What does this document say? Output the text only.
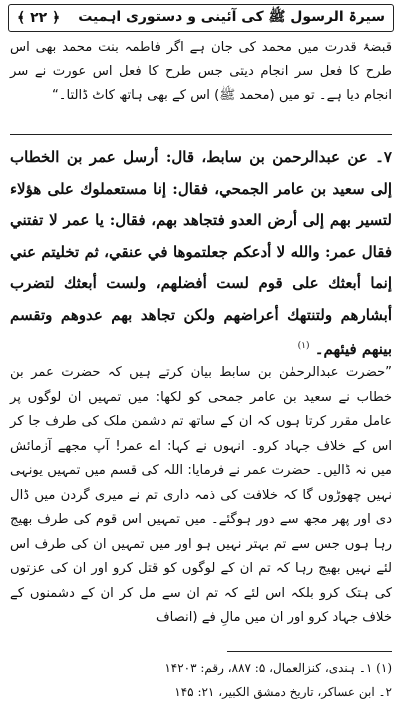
سیرۃ الرسول ﷺ کی آئینی و دستوری اہمیت
﴿ ۲۲ ﴾
قبضۂ قدرت میں محمد کی جان ہے اگر فاطمہ بنت محمد بھی اس طرح کا فعل سر انجام دیتی جس طرح کا فعل اس عورت نے سر انجام دیا ہے۔ تو میں (محمد ﷺ) اس کے بھی ہاتھ کاٹ ڈالتا۔“
۷۔ عن عبدالرحمن بن سابط، قال: أرسل عمر بن الخطاب إلى سعيد بن عامر الجمحي، فقال: إنا مستعملوك على هؤلاء لتسير بهم إلى أرض العدو فتجاهد بهم، فقال: يا عمر لا تفتني فقال عمر: والله لا أدعكم جعلتموها في عنقي، ثم تخليتم عني إنما أبعثك على قوم لست أفضلهم، ولست أبعثك لتضرب أبشارهم ولتنتهك أعراضهم ولكن تجاهد بهم عدوهم وتقسم بينهم فيئهم۔ $^{(۱)}$
”حضرت عبدالرحمٰن بن سابط بیان کرتے ہیں کہ حضرت عمر بن خطاب نے سعید بن عامر جمحی کو لکھا: میں تمہیں ان لوگوں پر عامل مقرر کرتا ہوں کہ ان کے ساتھ تم دشمن ملک کی طرف جا کر اس کے خلاف جہاد کرو۔ انہوں نے کہا: اے عمر! آپ مجھے آزمائش میں نہ ڈالیں۔ حضرت عمر نے فرمایا: اللہ کی قسم میں تمہیں یونہی نہیں چھوڑوں گا کہ خلافت کی ذمہ داری تم نے میری گردن میں ڈال دی اور پھر مجھ سے دور ہوگئے۔ میں تمہیں اس قوم کی طرف بھیج رہا ہوں جس سے تم بہتر نہیں ہو اور میں تمہیں ان کی طرف اس لئے نہیں بھیج رہا کہ تم ان کے لوگوں کو قتل کرو اور ان کی عزتوں کی ہتک کرو بلکہ اس لئے کہ تم ان سے مل کر ان کے دشمنوں کے خلاف جہاد کرو اور ان میں مالِ فے (انصاف
(۱) ۱۔ ہندی، کنزالعمال، ۵: ۸۸۷، رقم: ۱۴۲۰۳
۲۔ ابن عساکر، تاریخ دمشق الکبیر، ۲۱: ۱۴۵
